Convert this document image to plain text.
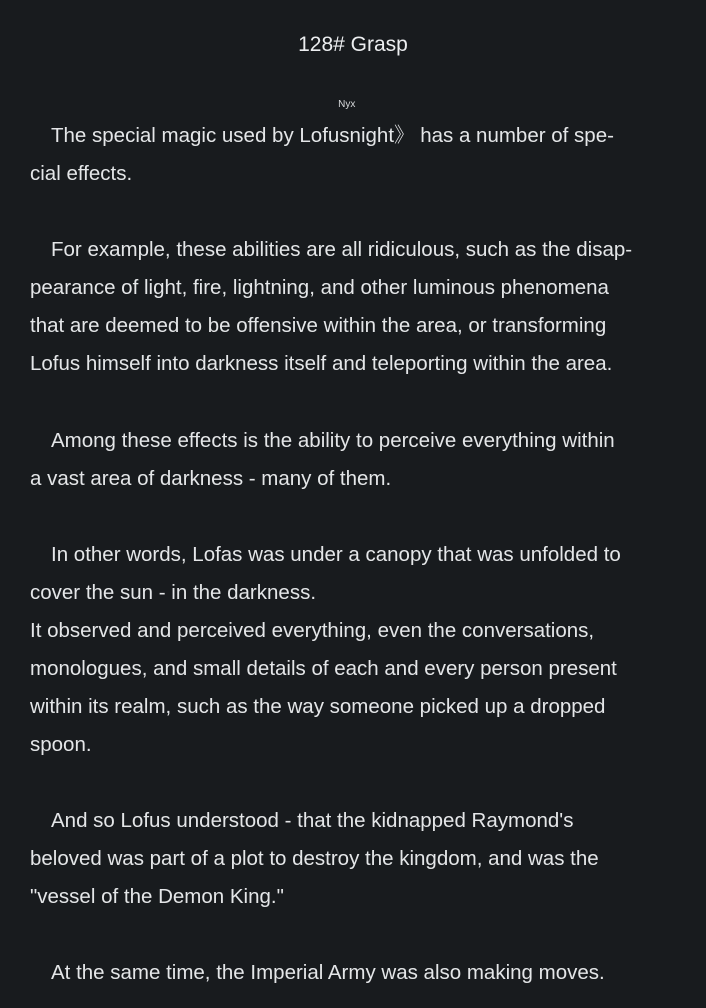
128# Grasp
The special magic used by
Nyx
Lofusnight》 has a number of spe-
cial effects.
For example, these abilities are all ridiculous, such as the disap-
pearance of light, fire, lightning, and other luminous phenomena
that are deemed to be offensive within the area, or transforming
Lofus himself into darkness itself and teleporting within the area.
Among these effects is the ability to perceive everything within
a vast area of darkness - many of them.
In other words, Lofas was under a canopy that was unfolded to
cover the sun - in the darkness.
It observed and perceived everything, even the conversations,
monologues, and small details of each and every person present
within its realm, such as the way someone picked up a dropped
spoon.
And so Lofus understood - that the kidnapped Raymond's
beloved was part of a plot to destroy the kingdom, and was the
"vessel of the Demon King."
At the same time, the Imperial Army was also making moves.
